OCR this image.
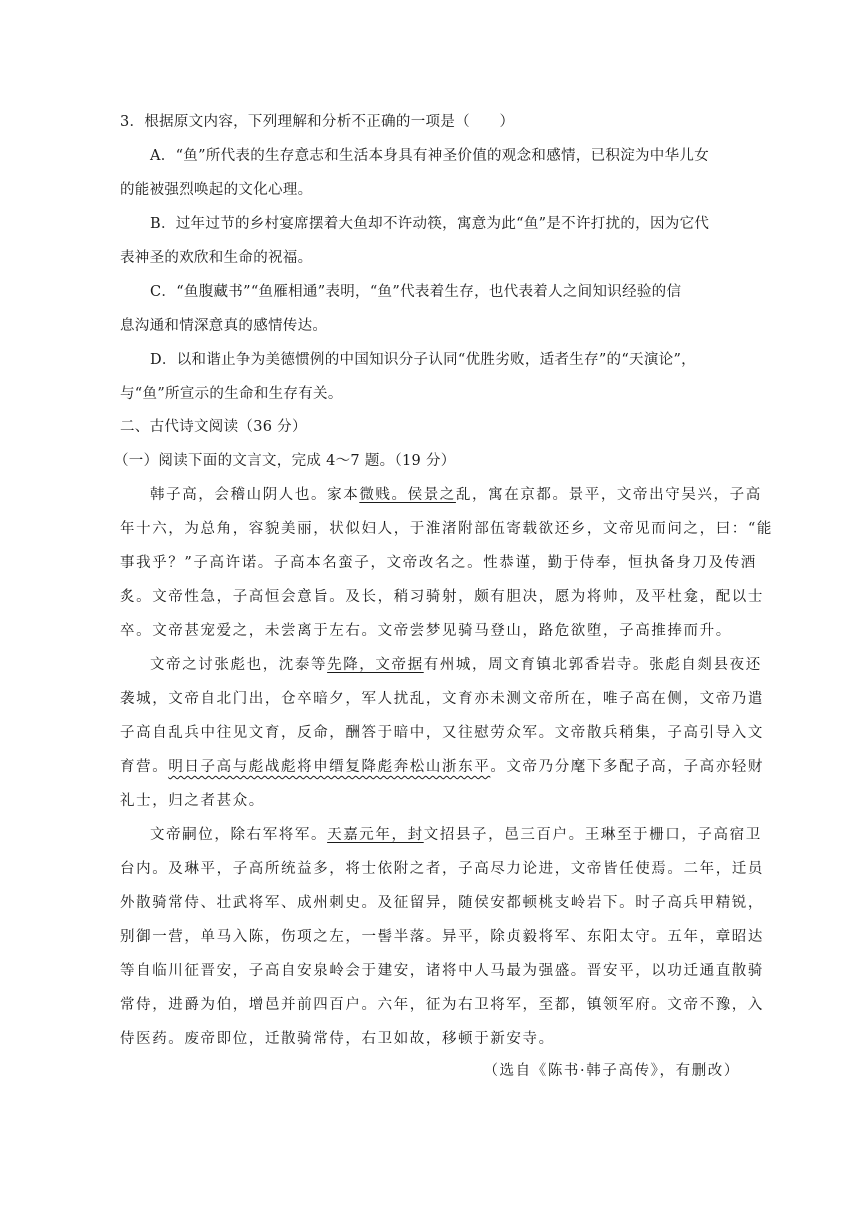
3．根据原文内容，下列理解和分析不正确的一项是（　　）
A．“鱼”所代表的生存意志和生活本身具有神圣价值的观念和感情，已积淀为中华儿女
的能被强烈唤起的文化心理。
B．过年过节的乡村宴席摆着大鱼却不许动筷，寓意为此“鱼”是不许打扰的，因为它代
表神圣的欢欣和生命的祝福。
C．“鱼腹藏书”“鱼雁相通”表明，“鱼”代表着生存，也代表着人之间知识经验的信
息沟通和情深意真的感情传达。
D．以和谐止争为美德惯例的中国知识分子认同“优胜劣败，适者生存”的“天演论”，
与“鱼”所宣示的生命和生存有关。
二、古代诗文阅读（36 分）
（一）阅读下面的文言文，完成 4～7 题。（19 分）
韩子高，会稽山阴人也。家本微贱。侯景之乱，寓在京都。景平，文帝出守吴兴，子高
年十六，为总角，容貌美丽，状似妇人，于淮渚附部伍寄载欲还乡，文帝见而问之，曰：“能
事我乎？”子高许诺。子高本名蛮子，文帝改名之。性恭谨，勤于侍奉，恒执备身刀及传酒
炙。文帝性急，子高恒会意旨。及长，稍习骑射，颇有胆决，愿为将帅，及平杜龛，配以士
卒。文帝甚宠爱之，未尝离于左右。文帝尝梦见骑马登山，路危欲堕，子高推捧而升。
文帝之讨张彪也，沈泰等先降，文帝据有州城，周文育镇北郭香岩寺。张彪自剡县夜还
袭城，文帝自北门出，仓卒暗夕，军人扰乱，文育亦未测文帝所在，唯子高在侧，文帝乃遣
子高自乱兵中往见文育，反命，酬答于暗中，又往慰劳众军。文帝散兵稍集，子高引导入文
育营。明日子高与彪战彪将申缙复降彪奔松山浙东平。文帝乃分麾下多配子高，子高亦轻财
礼士，归之者甚众。
文帝嗣位，除右军将军。天嘉元年，封文招县子，邑三百户。王琳至于栅口，子高宿卫
台内。及琳平，子高所统益多，将士依附之者，子高尽力论进，文帝皆任使焉。二年，迁员
外散骑常侍、壮武将军、成州刺史。及征留异，随侯安都顿桃支岭岩下。时子高兵甲精锐，
别御一营，单马入陈，伤项之左，一髻半落。异平，除贞毅将军、东阳太守。五年，章昭达
等自临川征晋安，子高自安泉岭会于建安，诸将中人马最为强盛。晋安平，以功迁通直散骑
常侍，进爵为伯，增邑并前四百户。六年，征为右卫将军，至都，镇领军府。文帝不豫，入
侍医药。废帝即位，迁散骑常侍，右卫如故，移顿于新安寺。
（选自《陈书·韩子高传》，有删改）
